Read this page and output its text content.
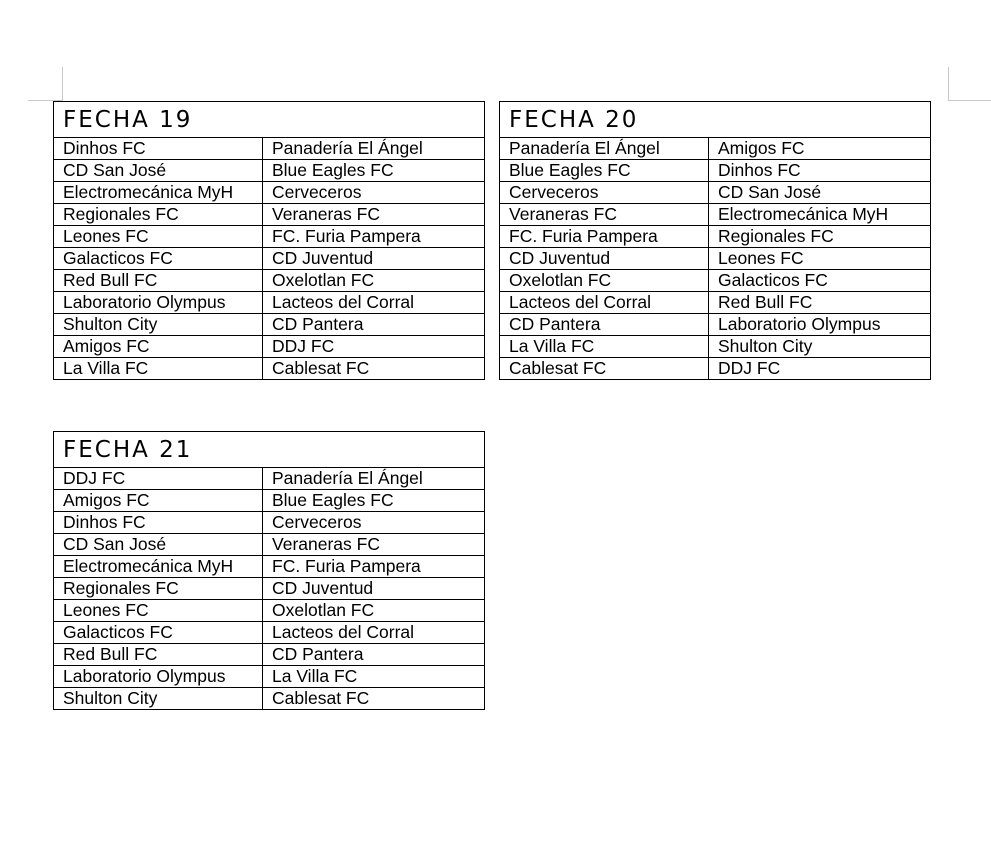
FECHA 19	
Dinhos FC	Panadería El Ángel
CD San José	Blue Eagles FC
Electromecánica MyH	Cerveceros
Regionales FC	Veraneras FC
Leones FC	FC. Furia Pampera
Galacticos FC	CD Juventud
Red Bull FC	Oxelotlan FC
Laboratorio Olympus	Lacteos del Corral
Shulton City	CD Pantera
Amigos FC	DDJ FC
La Villa FC	Cablesat FC
FECHA 20	
Panadería El Ángel	Amigos FC
Blue Eagles FC	Dinhos FC
Cerveceros	CD San José
Veraneras FC	Electromecánica MyH
FC. Furia Pampera	Regionales FC
CD Juventud	Leones FC
Oxelotlan FC	Galacticos FC
Lacteos del Corral	Red Bull FC
CD Pantera	Laboratorio Olympus
La Villa FC	Shulton City
Cablesat FC	DDJ FC
FECHA 21	
DDJ FC	Panadería El Ángel
Amigos FC	Blue Eagles FC
Dinhos FC	Cerveceros
CD San José	Veraneras FC
Electromecánica MyH	FC. Furia Pampera
Regionales FC	CD Juventud
Leones FC	Oxelotlan FC
Galacticos FC	Lacteos del Corral
Red Bull FC	CD Pantera
Laboratorio Olympus	La Villa FC
Shulton City	Cablesat FC
